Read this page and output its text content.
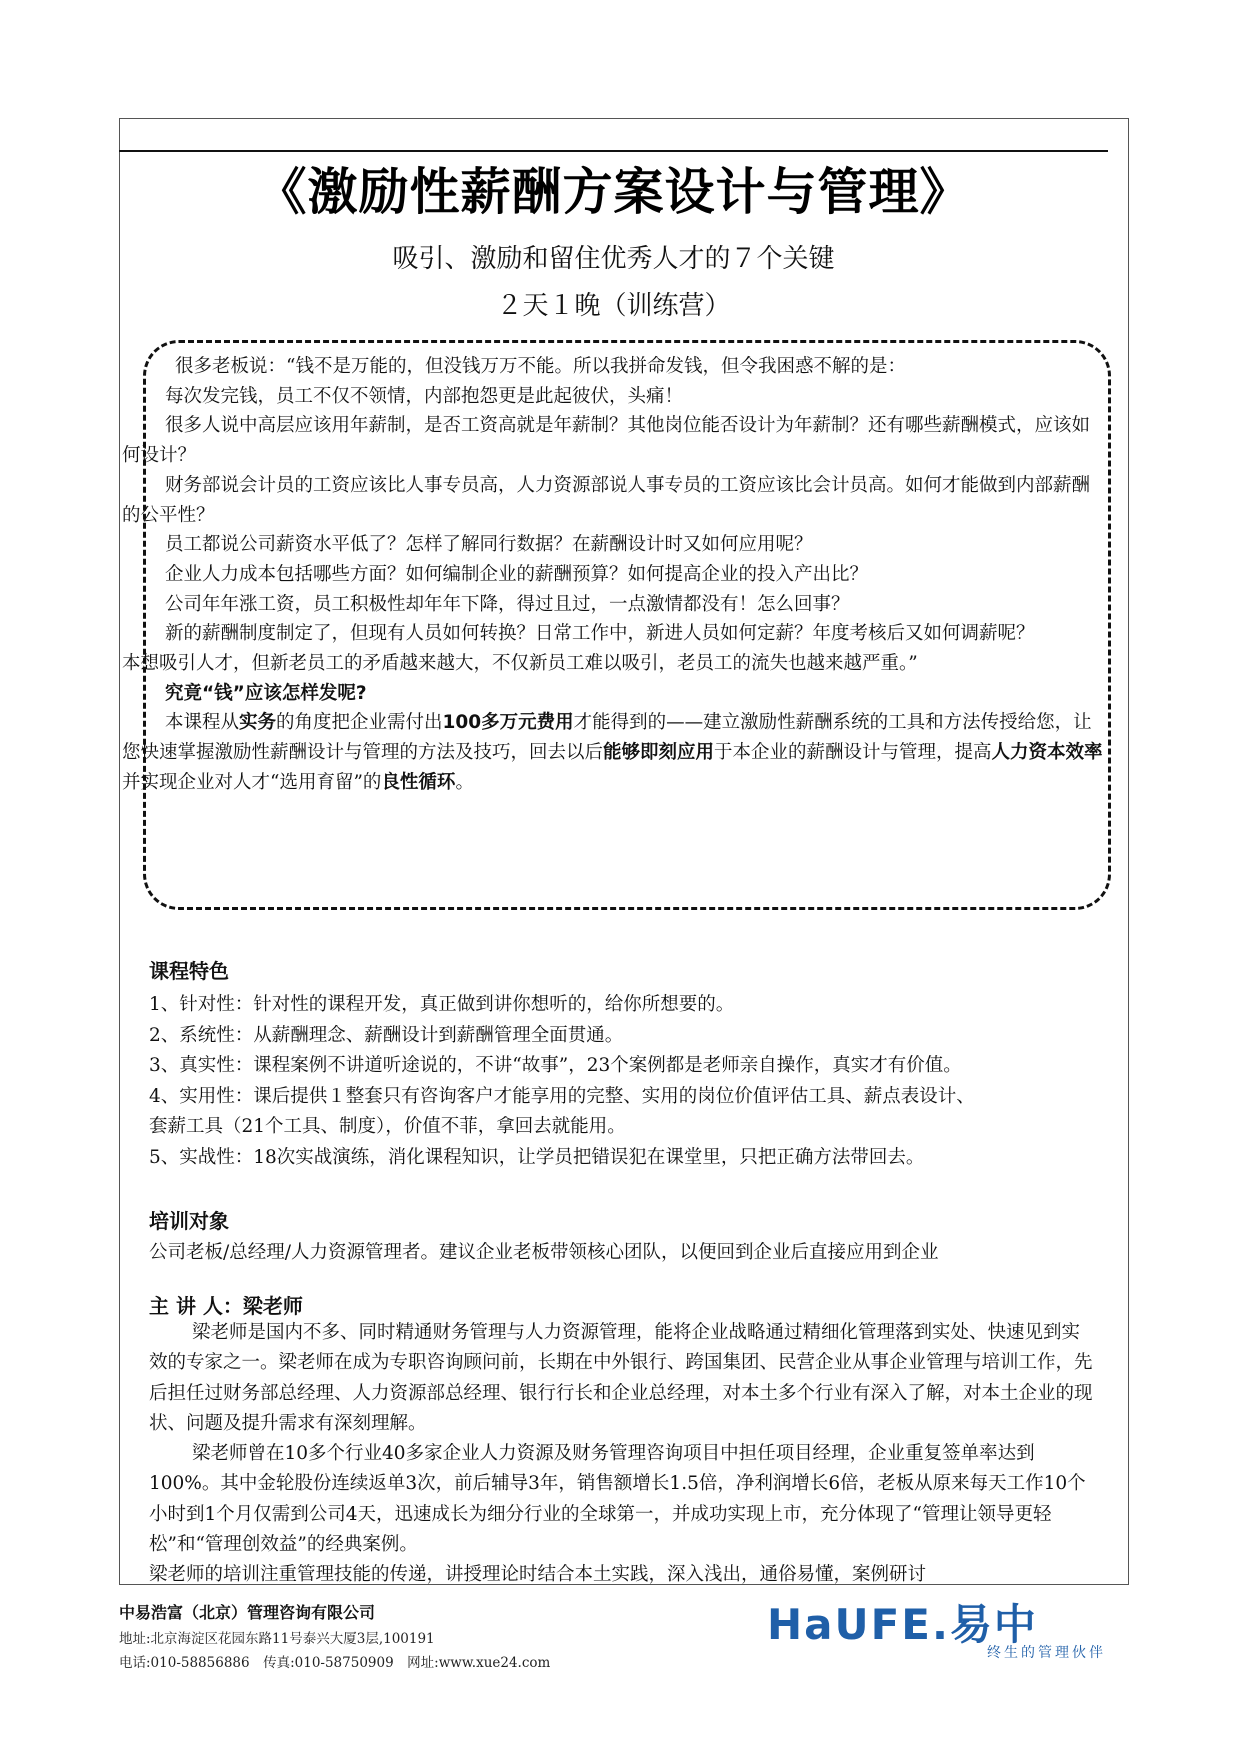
《激励性薪酬方案设计与管理》
吸引、激励和留住优秀人才的７个关键
２天１晚（训练营）

很多老板说：“钱不是万能的，但没钱万万不能。所以我拼命发钱，但令我困惑不解的是：

每次发完钱，员工不仅不领情，内部抱怨更是此起彼伏，头痛！

很多人说中高层应该用年薪制，是否工资高就是年薪制？其他岗位能否设计为年薪制？还有哪些薪酬模式，应该如何设计？

财务部说会计员的工资应该比人事专员高，人力资源部说人事专员的工资应该比会计员高。如何才能做到内部薪酬的公平性？

员工都说公司薪资水平低了？怎样了解同行数据？在薪酬设计时又如何应用呢？

企业人力成本包括哪些方面？如何编制企业的薪酬预算？如何提高企业的投入产出比？

公司年年涨工资，员工积极性却年年下降，得过且过，一点激情都没有！怎么回事？

新的薪酬制度制定了，但现有人员如何转换？日常工作中，新进人员如何定薪？年度考核后又如何调薪呢？

本想吸引人才，但新老员工的矛盾越来越大，不仅新员工难以吸引，老员工的流失也越来越严重。”

究竟“钱”应该怎样发呢?

本课程从实务的角度把企业需付出100多万元费用才能得到的——建立激励性薪酬系统的工具和方法传授给您，让您快速掌握激励性薪酬设计与管理的方法及技巧，回去以后能够即刻应用于本企业的薪酬设计与管理，提高人力资本效率并实现企业对人才“选用育留”的良性循环。

课程特色
1、针对性：针对性的课程开发，真正做到讲你想听的，给你所想要的。
2、系统性：从薪酬理念、薪酬设计到薪酬管理全面贯通。
3、真实性：课程案例不讲道听途说的，不讲“故事”，23个案例都是老师亲自操作，真实才有价值。
4、实用性：课后提供１整套只有咨询客户才能享用的完整、实用的岗位价值评估工具、薪点表设计、
套薪工具（21个工具、制度），价值不菲，拿回去就能用。
5、实战性：18次实战演练，消化课程知识，让学员把错误犯在课堂里，只把正确方法带回去。
培训对象
公司老板/总经理/人力资源管理者。建议企业老板带领核心团队，以便回到企业后直接应用到企业
主 讲 人：梁老师

梁老师是国内不多、同时精通财务管理与人力资源管理，能将企业战略通过精细化管理落到实处、快速见到实效的专家之一。梁老师在成为专职咨询顾问前，长期在中外银行、跨国集团、民营企业从事企业管理与培训工作，先后担任过财务部总经理、人力资源部总经理、银行行长和企业总经理，对本土多个行业有深入了解，对本土企业的现状、问题及提升需求有深刻理解。

梁老师曾在10多个行业40多家企业人力资源及财务管理咨询项目中担任项目经理，企业重复签单率达到100%。其中金轮股份连续返单3次，前后辅导3年，销售额增长1.5倍，净利润增长6倍，老板从原来每天工作10个小时到1个月仅需到公司4天，迅速成长为细分行业的全球第一，并成功实现上市，充分体现了“管理让领导更轻松”和“管理创效益”的经典案例。

梁老师的培训注重管理技能的传递，讲授理论时结合本土实践，深入浅出，通俗易懂，案例研讨

中易浩富（北京）管理咨询有限公司
地址:北京海淀区花园东路11号泰兴大厦3层,100191
电话:010-58856886　传真:010-58750909　网址:www.xue24.com
HaUFE.易中
终生的管理伙伴
